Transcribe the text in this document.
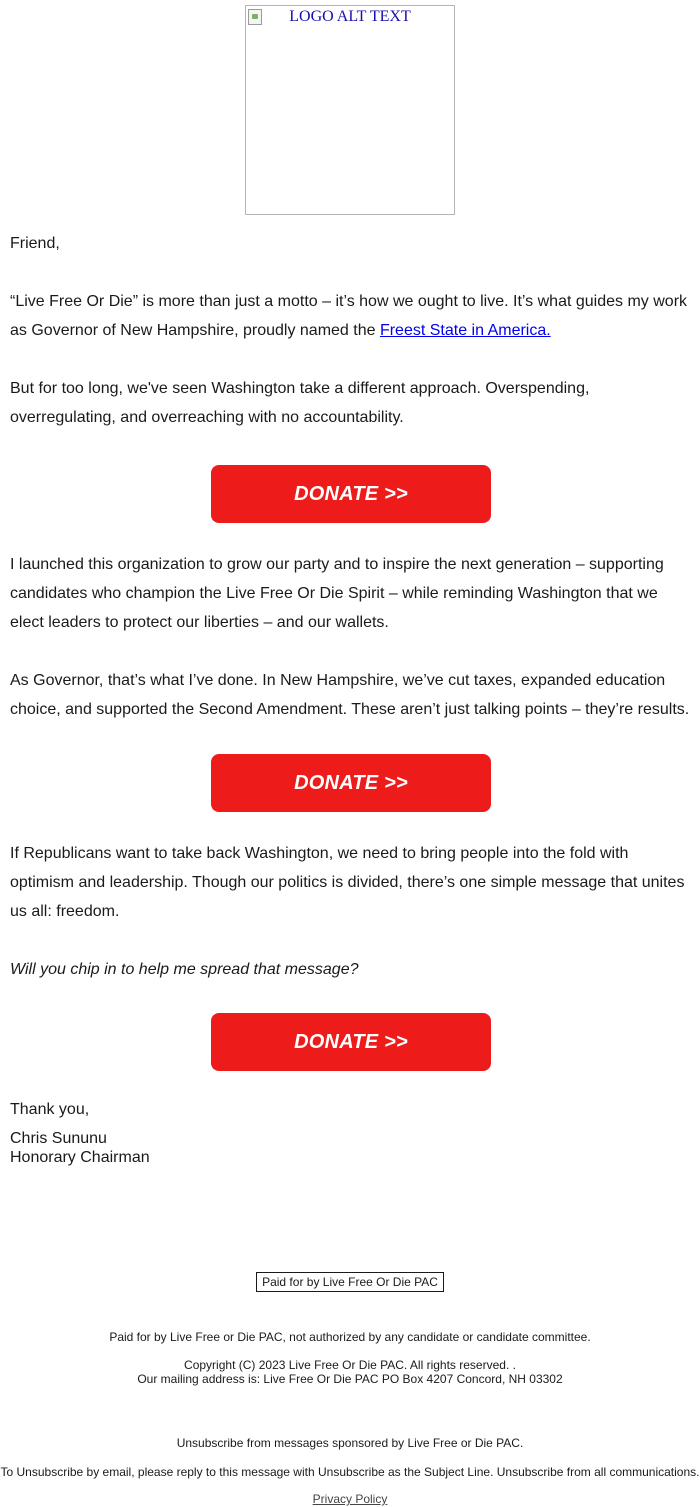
LOGO ALT TEXT

Friend,

“Live Free Or Die” is more than just a motto – it’s how we ought to live. It’s what guides my work as Governor of New Hampshire, proudly named the Freest State in America.

But for too long, we've seen Washington take a different approach. Overspending, overregulating, and overreaching with no accountability.

DONATE >>

I launched this organization to grow our party and to inspire the next generation – supporting candidates who champion the Live Free Or Die Spirit – while reminding Washington that we elect leaders to protect our liberties – and our wallets.

As Governor, that’s what I’ve done. In New Hampshire, we’ve cut taxes, expanded education choice, and supported the Second Amendment. These aren’t just talking points – they’re results.

DONATE >>

If Republicans want to take back Washington, we need to bring people into the fold with optimism and leadership. Though our politics is divided, there’s one simple message that unites us all: freedom.

Will you chip in to help me spread that message?

DONATE >>

Thank you,

Chris Sununu

Honorary Chairman

Paid for by Live Free Or Die PAC
Paid for by Live Free or Die PAC, not authorized by any candidate or candidate committee.
Copyright (C) 2023 Live Free Or Die PAC. All rights reserved. .
Our mailing address is: Live Free Or Die PAC PO Box 4207 Concord, NH 03302
Unsubscribe from messages sponsored by Live Free or Die PAC.
To Unsubscribe by email, please reply to this message with Unsubscribe as the Subject Line. Unsubscribe from all communications.
Privacy Policy
